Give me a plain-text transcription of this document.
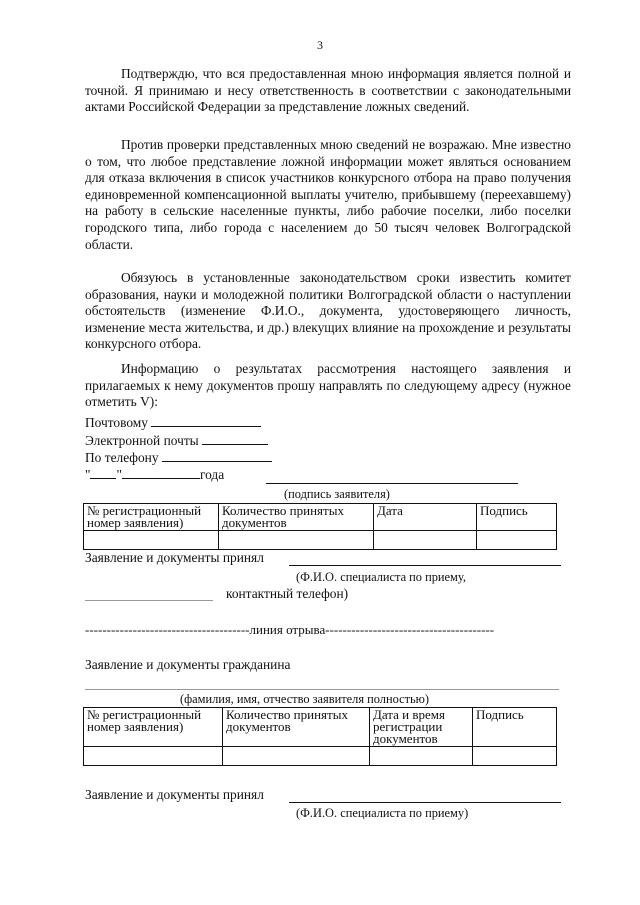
3
Подтверждю, что вся предоставленная мною информация является полной и точной. Я принимаю и несу ответственность в соответствии с законодательными актами Российской Федерации за представление ложных сведений.
Против проверки представленных мною сведений не возражаю. Мне известно о том, что любое представление ложной информации может являться основанием для отказа включения в список участников конкурсного отбора на право получения единовременной компенсационной выплаты учителю, прибывшему (переехавшему) на работу в сельские населенные пункты, либо рабочие поселки, либо поселки городского типа, либо города с населением до 50 тысяч человек Волгоградской области.
Обязуюсь в установленные законодательством сроки известить комитет образования, науки и молодежной политики Волгоградской области о наступлении обстоятельств (изменение Ф.И.О., документа, удостоверяющего личность, изменение места жительства, и др.) влекущих влияние на прохождение и результаты конкурсного отбора.
Информацию о результатах рассмотрения настоящего заявления и прилагаемых к нему документов прошу направлять по следующему адресу (нужное отметить V):
Почтовому
Электронной почты
По телефону
" "	года
(подпись заявителя)
№ регистрационный номер заявления)	Количество принятых документов	Дата	Подпись

Заявление и документы принял
(Ф.И.О. специалиста по приему,
контактный телефон)
--------------------------------------линия отрыва---------------------------------------
Заявление и документы гражданина
(фамилия, имя, отчество заявителя полностью)
№ регистрационный номер заявления)	Количество принятых документов	Дата и время регистрации документов	Подпись

Заявление и документы принял
(Ф.И.О. специалиста по приему)
